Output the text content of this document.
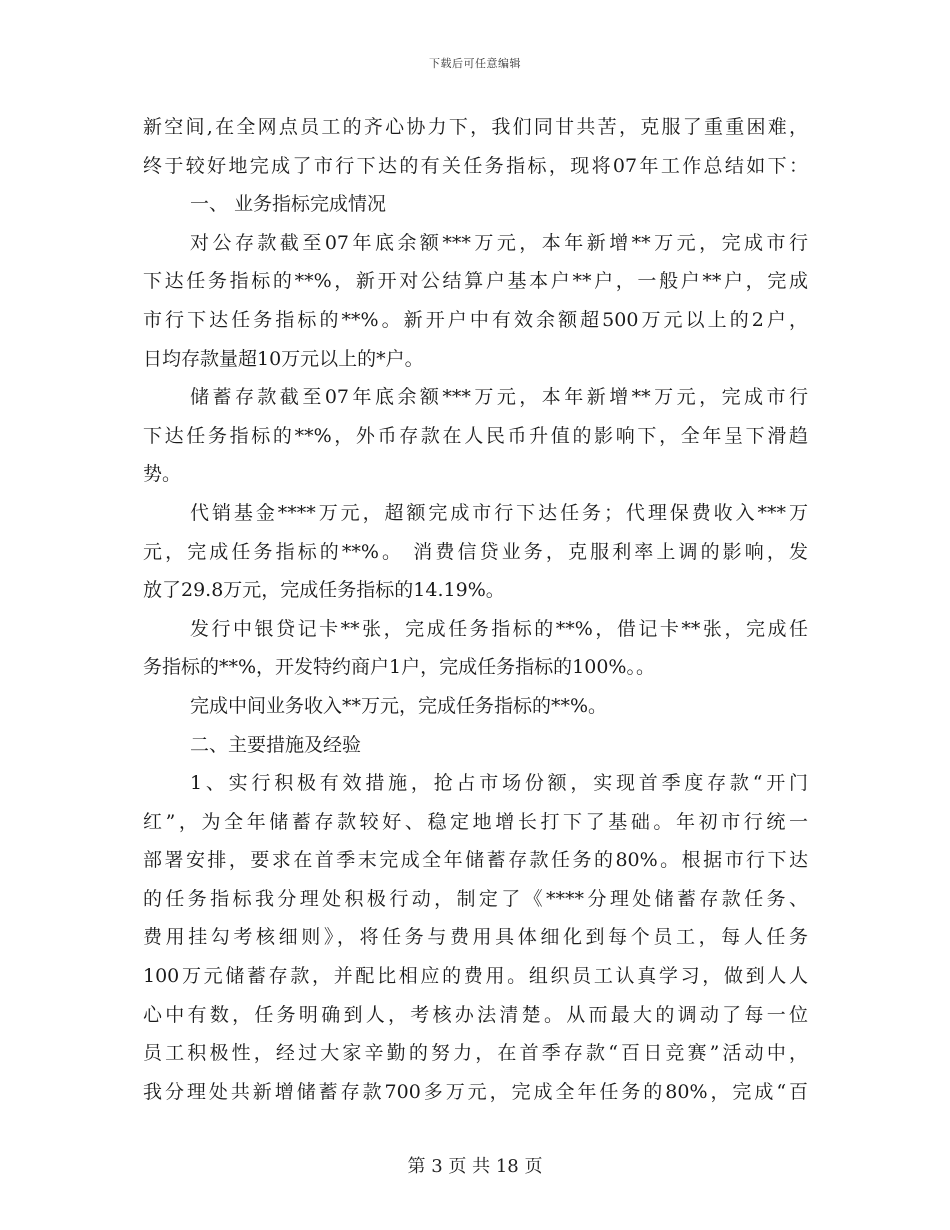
下载后可任意编辑
新空间,在全网点员工的齐心协力下，我们同甘共苦，克服了重重困难，
终于较好地完成了市行下达的有关任务指标，现将07年工作总结如下：
一、 业务指标完成情况
对公存款截至07年底余额***万元，本年新增**万元，完成市行
下达任务指标的**%，新开对公结算户基本户**户，一般户**户，完成
市行下达任务指标的**%。新开户中有效余额超500万元以上的2户，
日均存款量超10万元以上的*户。
储蓄存款截至07年底余额***万元，本年新增**万元，完成市行
下达任务指标的**%，外币存款在人民币升值的影响下，全年呈下滑趋
势。
代销基金****万元，超额完成市行下达任务；代理保费收入***万
元，完成任务指标的**%。 消费信贷业务，克服利率上调的影响，发
放了29.8万元，完成任务指标的14.19%。
发行中银贷记卡**张，完成任务指标的**%，借记卡**张，完成任
务指标的**%，开发特约商户1户，完成任务指标的100%。。
完成中间业务收入**万元，完成任务指标的**%。
二、主要措施及经验
1、实行积极有效措施，抢占市场份额，实现首季度存款“开门
红”，为全年储蓄存款较好、稳定地增长打下了基础。年初市行统一
部署安排，要求在首季末完成全年储蓄存款任务的80%。根据市行下达
的任务指标我分理处积极行动，制定了《****分理处储蓄存款任务、
费用挂勾考核细则》，将任务与费用具体细化到每个员工，每人任务
100万元储蓄存款，并配比相应的费用。组织员工认真学习，做到人人
心中有数，任务明确到人，考核办法清楚。从而最大的调动了每一位
员工积极性，经过大家辛勤的努力，在首季存款“百日竞赛”活动中，
我分理处共新增储蓄存款700多万元，完成全年任务的80%，完成“百
第 3 页 共 18 页
